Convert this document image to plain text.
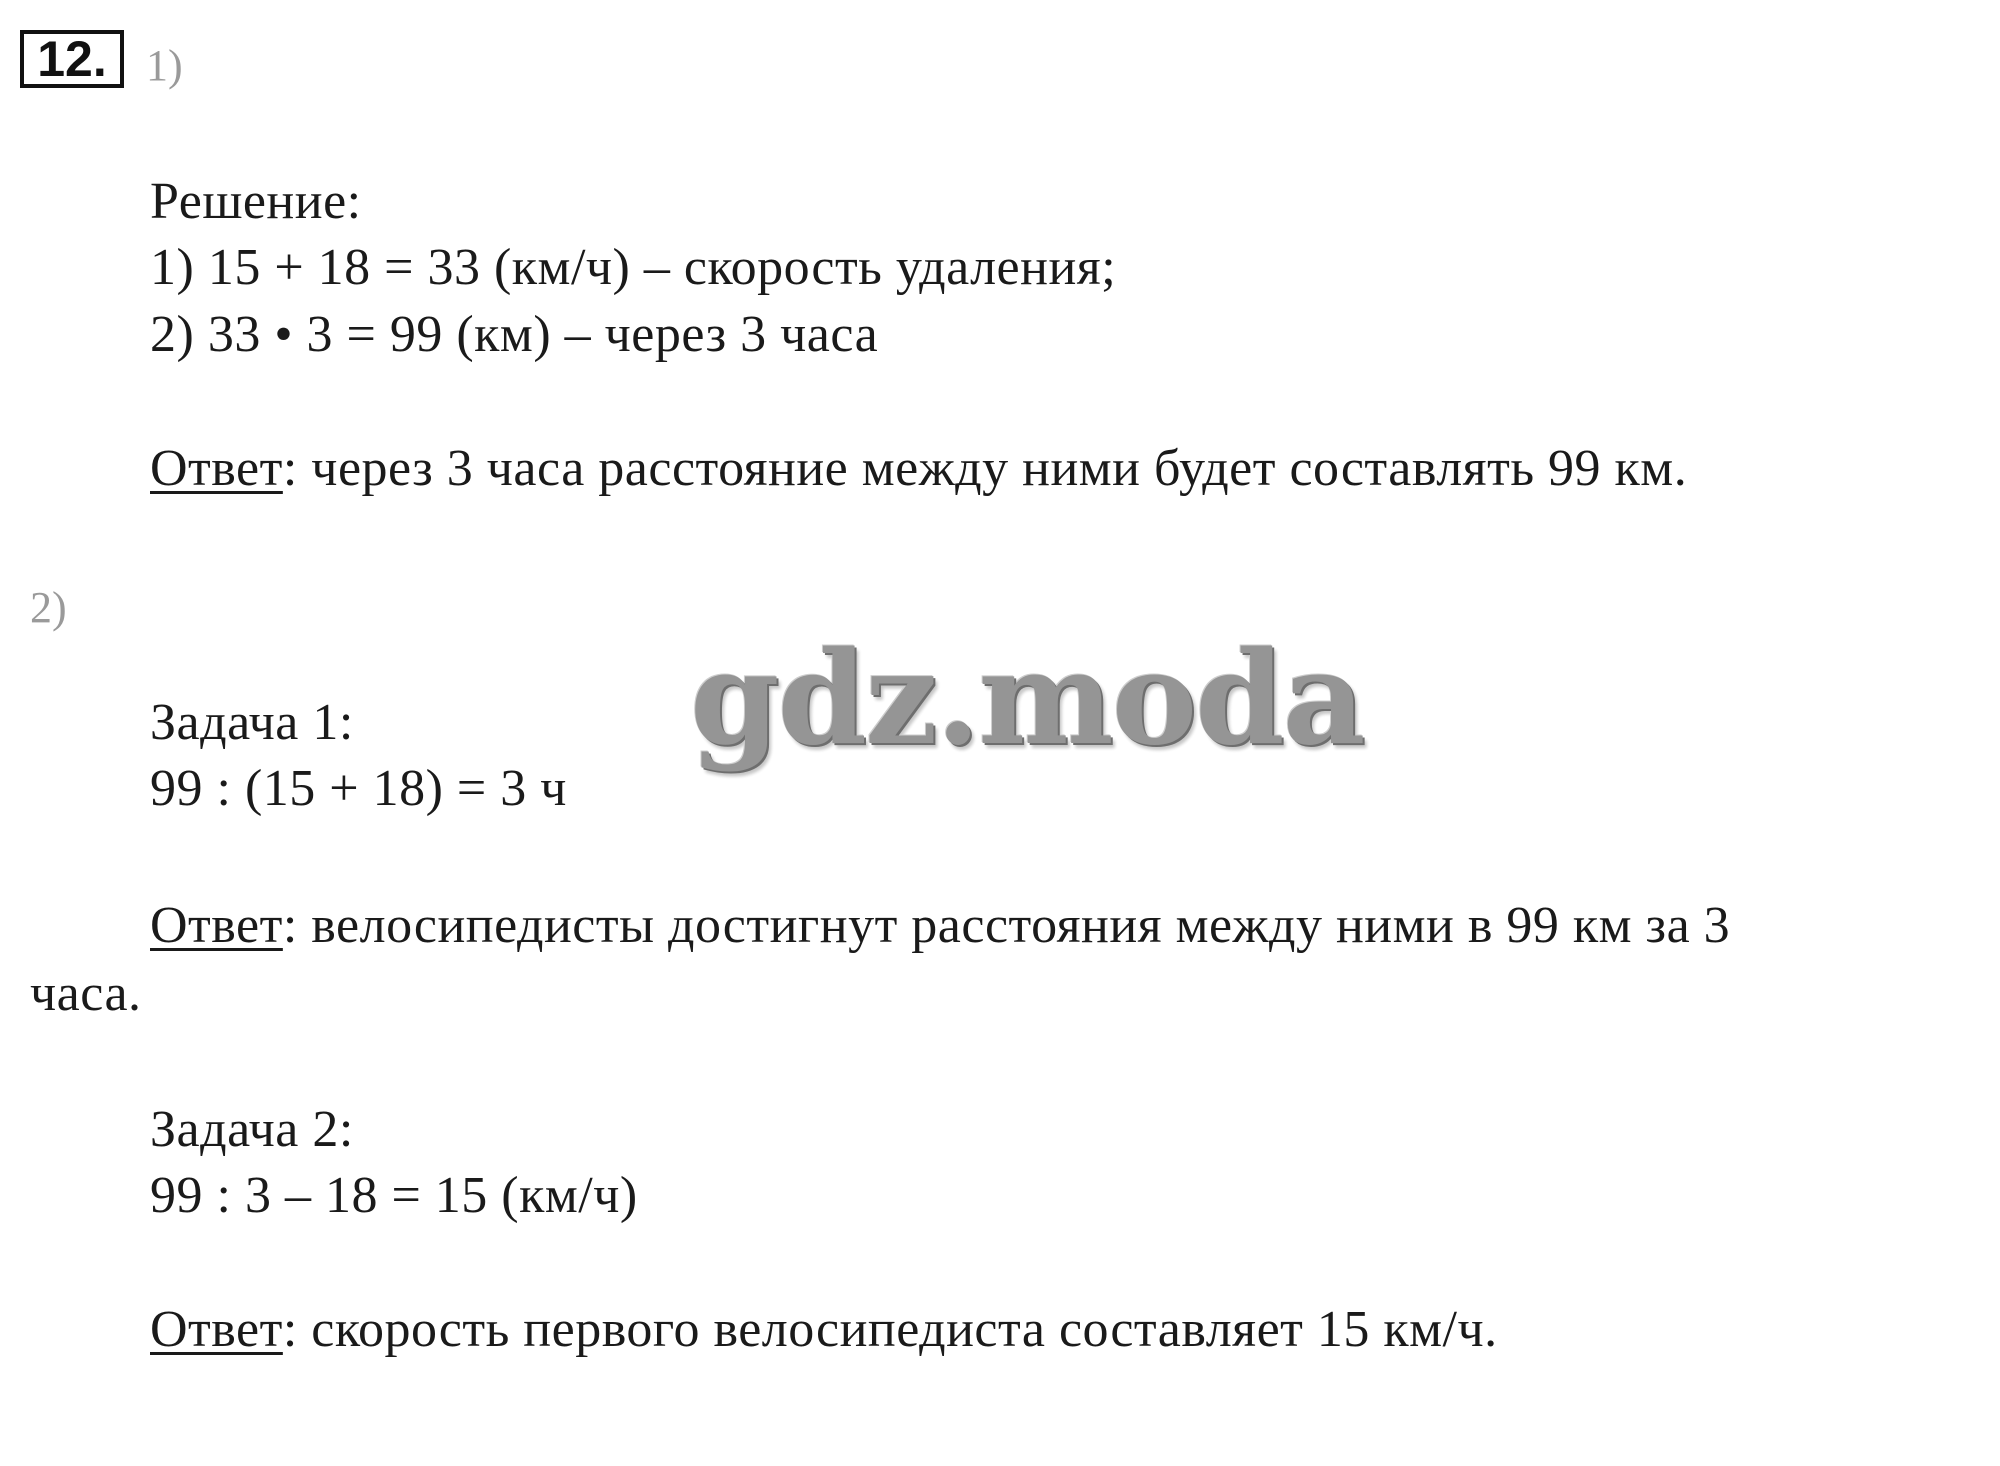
12. 1)
Решение:
1) 15 + 18 = 33 (км/ч) – скорость удаления;
2) 33 • 3 = 99 (км) – через 3 часа
Ответ: через 3 часа расстояние между ними будет составлять 99 км.
2)
Задача 1:
99 : (15 + 18) = 3 ч
Ответ: велосипедисты достигнут расстояния между ними в 99 км за 3
часа.
Задача 2:
99 : 3 – 18 = 15 (км/ч)
Ответ: скорость первого велосипедиста составляет 15 км/ч.
gdz.moda
